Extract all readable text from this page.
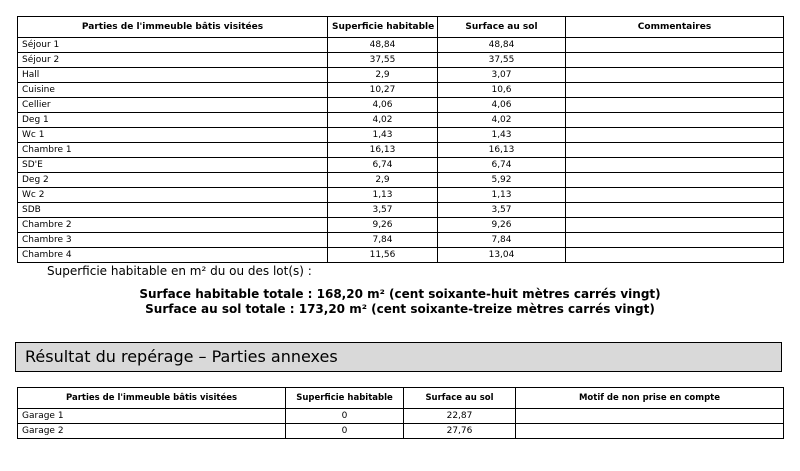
Parties de l'immeuble bâtis visitées	Superficie habitable	Surface au sol	Commentaires
Séjour 1	48,84	48,84	
Séjour 2	37,55	37,55	
Hall	2,9	3,07	
Cuisine	10,27	10,6	
Cellier	4,06	4,06	
Deg 1	4,02	4,02	
Wc 1	1,43	1,43	
Chambre 1	16,13	16,13	
SD'E	6,74	6,74	
Deg 2	2,9	5,92	
Wc 2	1,13	1,13	
SDB	3,57	3,57	
Chambre 2	9,26	9,26	
Chambre 3	7,84	7,84	
Chambre 4	11,56	13,04	
Superficie habitable en m² du ou des lot(s) :
Surface habitable totale : 168,20 m² (cent soixante-huit mètres carrés vingt)
Surface au sol totale : 173,20 m² (cent soixante-treize mètres carrés vingt)
Résultat du repérage – Parties annexes
Parties de l'immeuble bâtis visitées	Superficie habitable	Surface au sol	Motif de non prise en compte
Garage 1	0	22,87	
Garage 2	0	27,76	
